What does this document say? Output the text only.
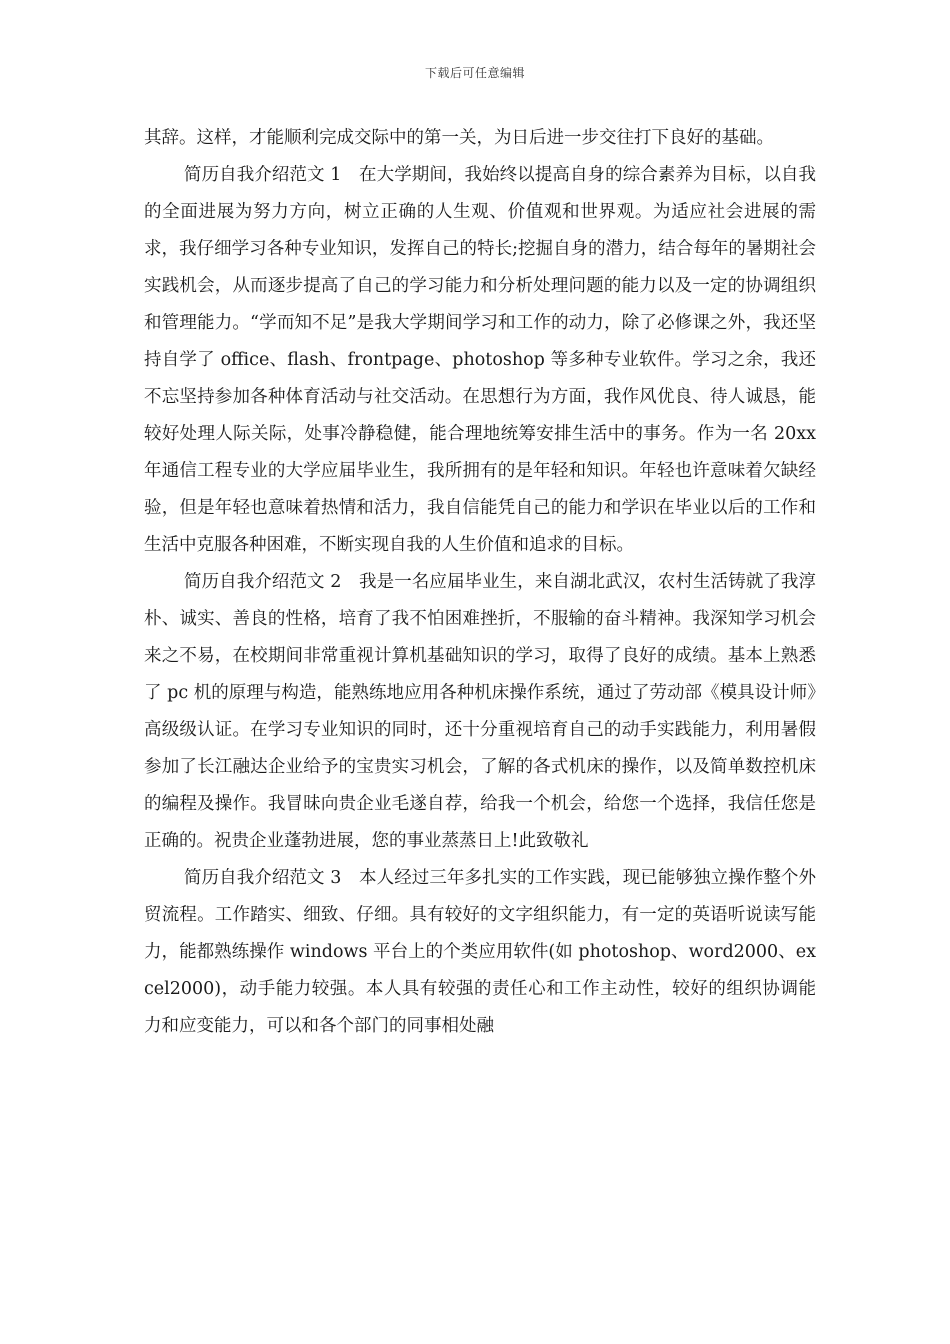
下载后可任意编辑

其辞。这样，才能顺利完成交际中的第一关，为日后进一步交往打下良好的基础。

简历自我介绍范文 1　在大学期间，我始终以提高自身的综合素养为目标，以自我的全面进展为努力方向，树立正确的人生观、价值观和世界观。为适应社会进展的需求，我仔细学习各种专业知识，发挥自己的特长;挖掘自身的潜力，结合每年的暑期社会实践机会，从而逐步提高了自己的学习能力和分析处理问题的能力以及一定的协调组织和管理能力。“学而知不足”是我大学期间学习和工作的动力，除了必修课之外，我还坚持自学了 office、flash、frontpage、photoshop 等多种专业软件。学习之余，我还不忘坚持参加各种体育活动与社交活动。在思想行为方面，我作风优良、待人诚恳，能较好处理人际关际，处事冷静稳健，能合理地统筹安排生活中的事务。作为一名 20xx 年通信工程专业的大学应届毕业生，我所拥有的是年轻和知识。年轻也许意味着欠缺经验，但是年轻也意味着热情和活力，我自信能凭自己的能力和学识在毕业以后的工作和生活中克服各种困难，不断实现自我的人生价值和追求的目标。

简历自我介绍范文 2　我是一名应届毕业生，来自湖北武汉，农村生活铸就了我淳朴、诚实、善良的性格，培育了我不怕困难挫折，不服输的奋斗精神。我深知学习机会来之不易，在校期间非常重视计算机基础知识的学习，取得了良好的成绩。基本上熟悉了 pc 机的原理与构造，能熟练地应用各种机床操作系统，通过了劳动部《模具设计师》高级级认证。在学习专业知识的同时，还十分重视培育自己的动手实践能力，利用暑假参加了长江融达企业给予的宝贵实习机会，了解的各式机床的操作，以及简单数控机床的编程及操作。我冒昧向贵企业毛遂自荐，给我一个机会，给您一个选择，我信任您是正确的。祝贵企业蓬勃进展，您的事业蒸蒸日上!此致敬礼

简历自我介绍范文 3　本人经过三年多扎实的工作实践，现已能够独立操作整个外贸流程。工作踏实、细致、仔细。具有较好的文字组织能力，有一定的英语听说读写能力，能都熟练操作 windows 平台上的个类应用软件(如 photoshop、word2000、excel2000)，动手能力较强。本人具有较强的责任心和工作主动性，较好的组织协调能力和应变能力，可以和各个部门的同事相处融
